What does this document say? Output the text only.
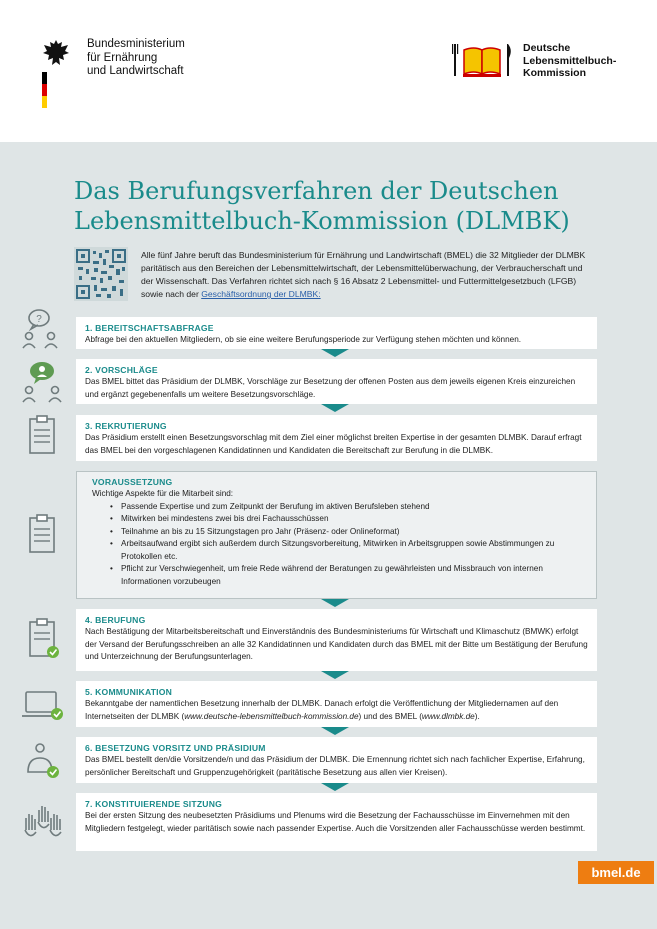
Bundesministerium
für Ernährung
und Landwirtschaft
Deutsche
Lebensmittelbuch-
Kommission
Das Berufungsverfahren der Deutschen
Lebensmittelbuch-Kommission (DLMBK)
Alle fünf Jahre beruft das Bundesministerium für Ernährung und Landwirtschaft (BMEL) die 32 Mitglieder der DLMBK paritätisch aus den Bereichen der Lebensmittelwirtschaft, der Lebensmittelüberwachung, der Verbraucherschaft und der Wissenschaft. Das Verfahren richtet sich nach § 16 Absatz 2 Lebensmittel- und Futtermittelgesetzbuch (LFGB) sowie nach der Geschäftsordnung der DLMBK:
?
1. BEREITSCHAFTSABFRAGE

Abfrage bei den aktuellen Mitgliedern, ob sie eine weitere Berufungsperiode zur Verfügung stehen möchten und können.

2. VORSCHLÄGE

Das BMEL bittet das Präsidium der DLMBK, Vorschläge zur Besetzung der offenen Posten aus dem jeweils eigenen Kreis einzureichen und ergänzt gegebenenfalls um weitere Besetzungsvorschläge.

3. REKRUTIERUNG

Das Präsidium erstellt einen Besetzungsvorschlag mit dem Ziel einer möglichst breiten Expertise in der gesamten DLMBK. Darauf erfragt das BMEL bei den vorgeschlagenen Kandidatinnen und Kandidaten die Bereitschaft zur Berufung in die DLMBK.

VORAUSSETZUNG

Wichtige Aspekte für die Mitarbeit sind:

• Passende Expertise und zum Zeitpunkt der Berufung im aktiven Berufsleben stehend
• Mitwirken bei mindestens zwei bis drei Fachausschüssen
• Teilnahme an bis zu 15 Sitzungstagen pro Jahr (Präsenz- oder Onlineformat)
• Arbeitsaufwand ergibt sich außerdem durch Sitzungsvorbereitung, Mitwirken in Arbeitsgruppen sowie Abstimmungen zu Protokollen etc.
• Pflicht zur Verschwiegenheit, um freie Rede während der Beratungen zu gewährleisten und Missbrauch von internen Informationen vorzubeugen
4. BERUFUNG

Nach Bestätigung der Mitarbeitsbereitschaft und Einverständnis des Bundesministeriums für Wirtschaft und Klimaschutz (BMWK) erfolgt der Versand der Berufungsschreiben an alle 32 Kandidatinnen und Kandidaten durch das BMEL mit der Bitte um Bestätigung der Berufung und Unterzeichnung der Berufungsunterlagen.

5. KOMMUNIKATION

Bekanntgabe der namentlichen Besetzung innerhalb der DLMBK. Danach erfolgt die Veröffentlichung der Mitgliedernamen auf den Internetseiten der DLMBK (www.deutsche-lebensmittelbuch-kommission.de) und des BMEL (www.dlmbk.de).

6. BESETZUNG VORSITZ UND PRÄSIDIUM

Das BMEL bestellt den/die Vorsitzende/n und das Präsidium der DLMBK. Die Ernennung richtet sich nach fachlicher Expertise, Erfahrung, persönlicher Bereitschaft und Gruppenzugehörigkeit (paritätische Besetzung aus allen vier Kreisen).

7. KONSTITUIERENDE SITZUNG

Bei der ersten Sitzung des neubesetzten Präsidiums und Plenums wird die Besetzung der Fachausschüsse im Einvernehmen mit den Mitgliedern festgelegt, wieder paritätisch sowie nach passender Expertise. Auch die Vorsitzenden aller Fachausschüsse werden bestimmt.

bmel.de
